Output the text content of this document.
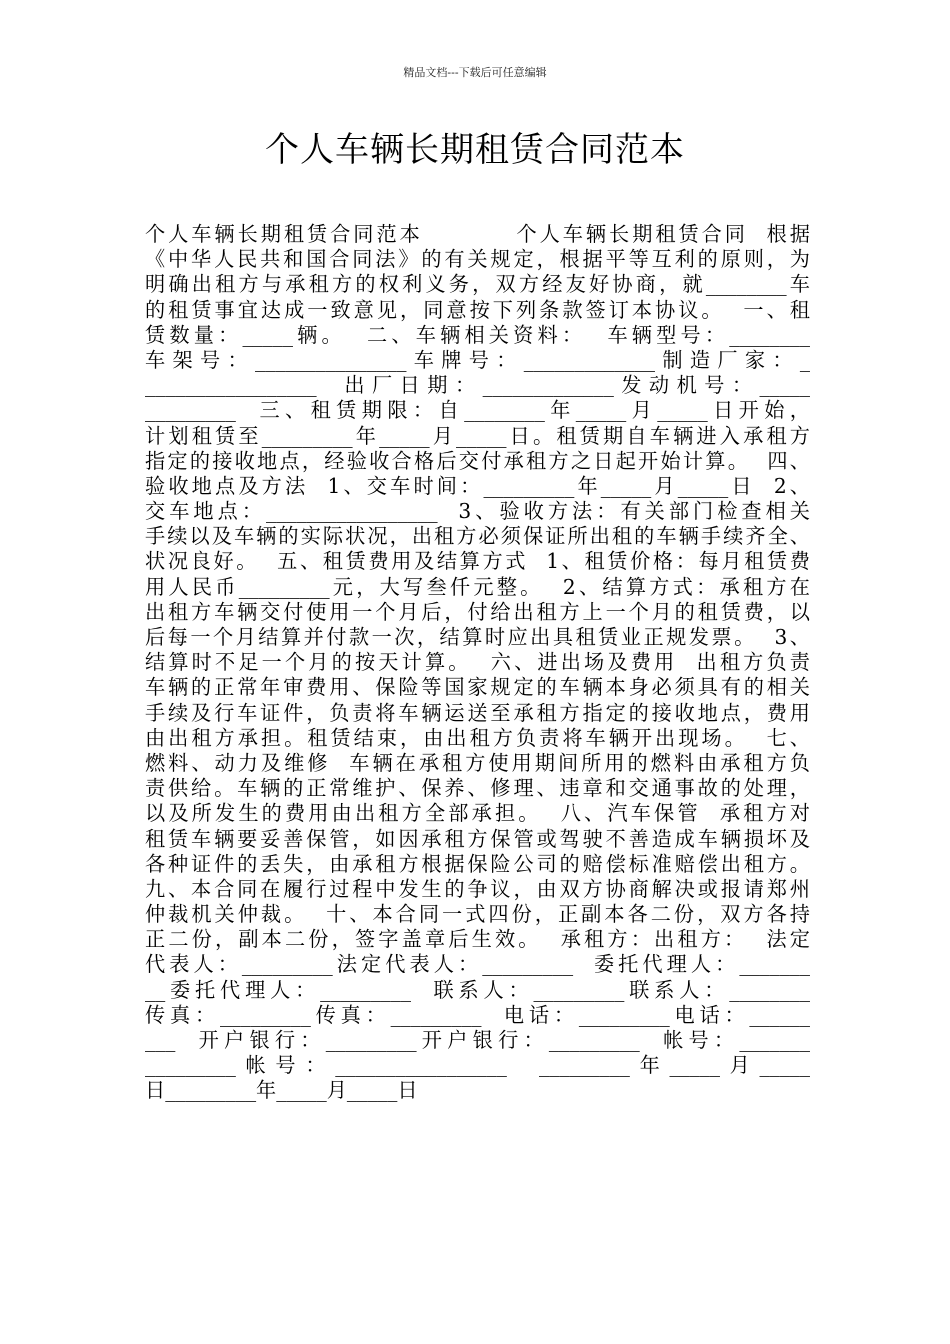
精品文档---下载后可任意编辑
个人车辆长期租赁合同范本
个人车辆长期租赁合同范本          个人车辆长期租赁合同  根据
《中华人民共和国合同法》的有关规定，根据平等互利的原则，为
明确出租方与承租方的权利义务，双方经友好协商，就________车
的租赁事宜达成一致意见，同意按下列条款签订本协议。  一、租
赁数量：_____辆。  二、车辆相关资料：  车辆型号：________
车架号：_______________车牌号：_____________制造厂家：_
_________________  出厂日期：_____________发动机号：_____
_________  三、租赁期限：自________年_____月_____日开始，
计划租赁至_________年_____月_____日。租赁期自车辆进入承租方
指定的接收地点，经验收合格后交付承租方之日起开始计算。  四、
验收地点及方法  1、交车时间：_________年_____月_____日  2、
交车地点：_________________  3、验收方法：有关部门检查相关
手续以及车辆的实际状况，出租方必须保证所出租的车辆手续齐全、
状况良好。  五、租赁费用及结算方式  1、租赁价格：每月租赁费
用人民币_________元，大写叁仟元整。  2、结算方式：承租方在
出租方车辆交付使用一个月后，付给出租方上一个月的租赁费，以
后每一个月结算并付款一次，结算时应出具租赁业正规发票。  3、
结算时不足一个月的按天计算。  六、进出场及费用  出租方负责
车辆的正常年审费用、保险等国家规定的车辆本身必须具有的相关
手续及行车证件，负责将车辆运送至承租方指定的接收地点，费用
由出租方承担。租赁结束，由出租方负责将车辆开出现场。  七、
燃料、动力及维修  车辆在承租方使用期间所用的燃料由承租方负
责供给。车辆的正常维护、保养、修理、违章和交通事故的处理，
以及所发生的费用由出租方全部承担。  八、汽车保管  承租方对
租赁车辆要妥善保管，如因承租方保管或驾驶不善造成车辆损坏及
各种证件的丢失，由承租方根据保险公司的赔偿标准赔偿出租方。
九、本合同在履行过程中发生的争议，由双方协商解决或报请郑州
仲裁机关仲裁。  十、本合同一式四份，正副本各二份，双方各持
正二份，副本二份，签字盖章后生效。  承租方：出租方：  法定
代表人：_________法定代表人：_________  委托代理人：_______
__委托代理人：_________  联系人：_________联系人：________
传真：_________传真：_________  电话：_________电话：______
___  开户银行：_________开户银行：_________  帐号：_______
_________帐号：_________________  _________年_____月_____
日_________年_____月_____日
